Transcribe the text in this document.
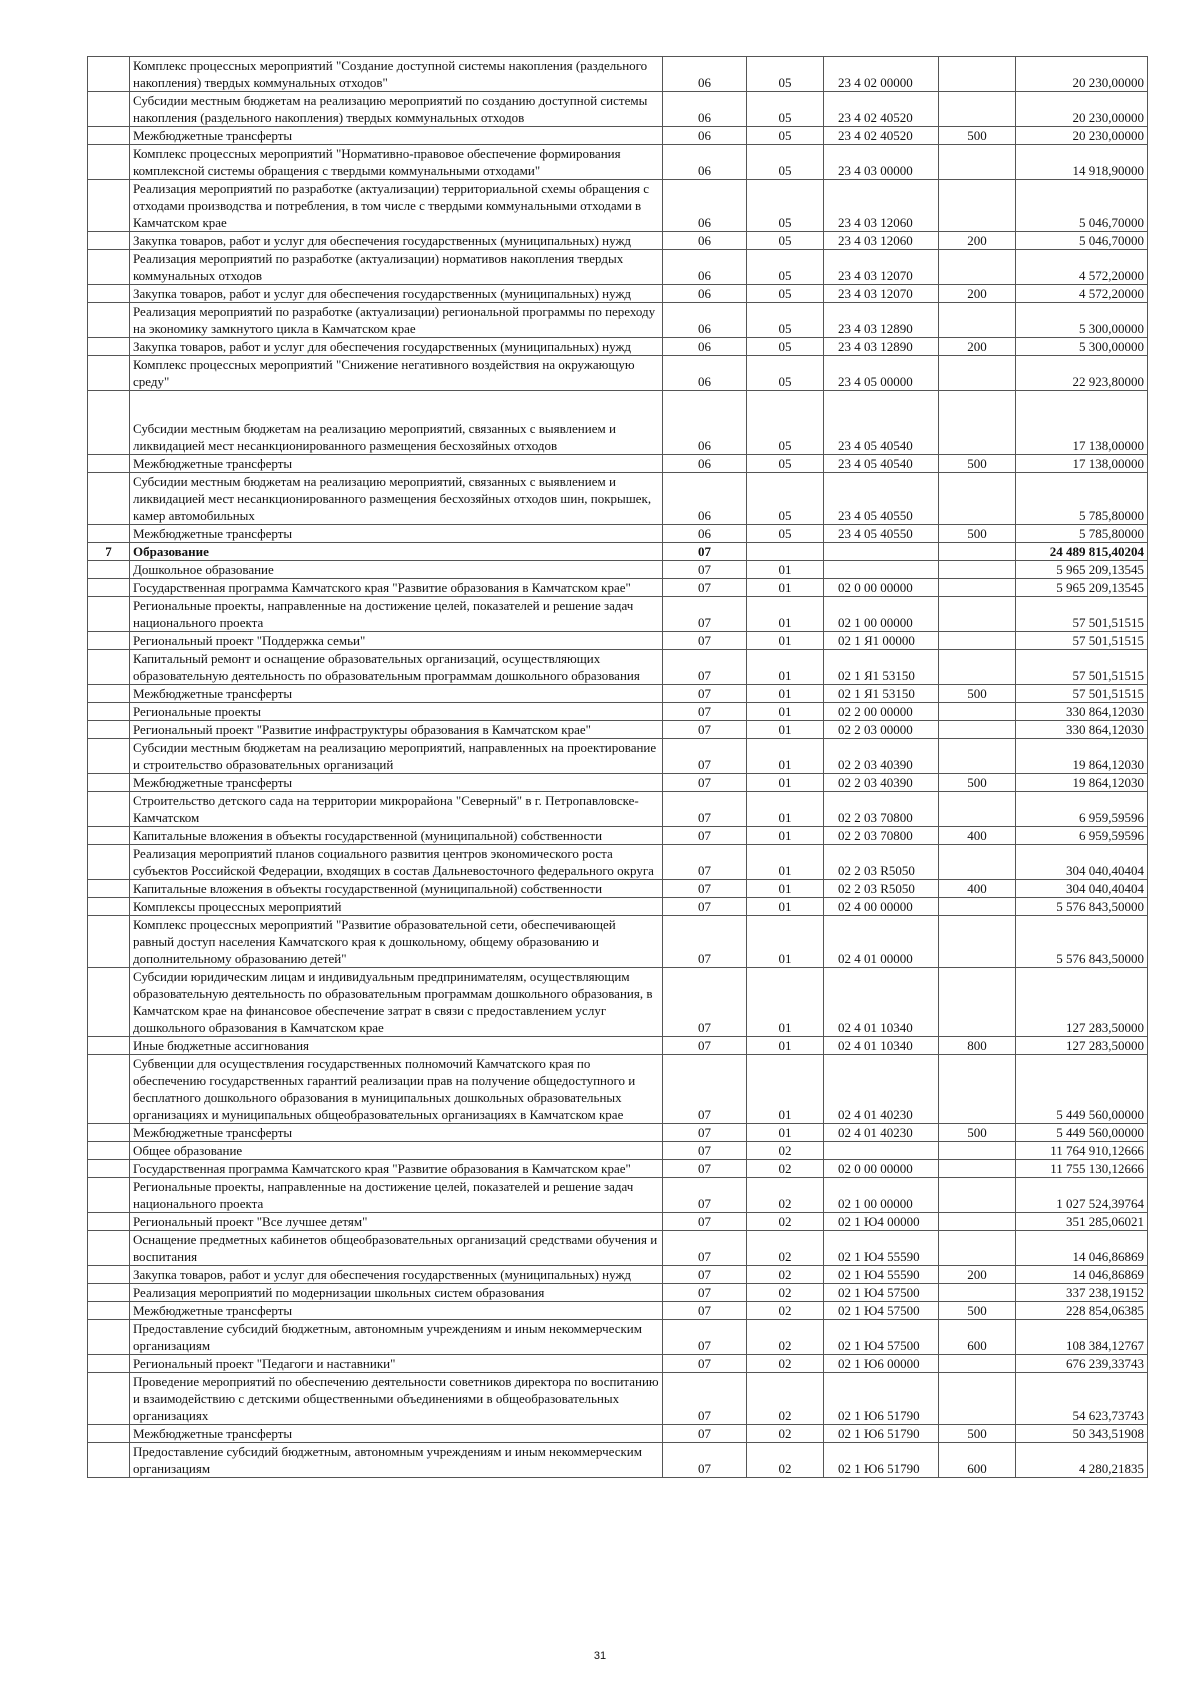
	Комплекс процессных мероприятий "Создание доступной системы накопления (раздельного накопления) твердых коммунальных отходов"	06	05	23 4 02 00000		20 230,00000
	Субсидии местным бюджетам на реализацию мероприятий по созданию доступной системы накопления (раздельного накопления) твердых коммунальных отходов	06	05	23 4 02 40520		20 230,00000
	Межбюджетные трансферты	06	05	23 4 02 40520	500	20 230,00000
	Комплекс процессных мероприятий "Нормативно-правовое обеспечение формирования комплексной системы обращения с твердыми коммунальными отходами"	06	05	23 4 03 00000		14 918,90000
	Реализация мероприятий по разработке (актуализации) территориальной схемы обращения с отходами производства и потребления, в том числе с твердыми коммунальными отходами в Камчатском крае	06	05	23 4 03 12060		5 046,70000
	Закупка товаров, работ и услуг для обеспечения государственных (муниципальных) нужд	06	05	23 4 03 12060	200	5 046,70000
	Реализация мероприятий по разработке (актуализации) нормативов накопления твердых коммунальных отходов	06	05	23 4 03 12070		4 572,20000
	Закупка товаров, работ и услуг для обеспечения государственных (муниципальных) нужд	06	05	23 4 03 12070	200	4 572,20000
	Реализация мероприятий по разработке (актуализации) региональной программы по переходу на экономику замкнутого цикла в Камчатском крае	06	05	23 4 03 12890		5 300,00000
	Закупка товаров, работ и услуг для обеспечения государственных (муниципальных) нужд	06	05	23 4 03 12890	200	5 300,00000
	Комплекс процессных мероприятий "Снижение негативного воздействия на окружающую среду"	06	05	23 4 05 00000		22 923,80000
	Субсидии местным бюджетам на реализацию мероприятий, связанных с выявлением и ликвидацией мест несанкционированного размещения бесхозяйных отходов	06	05	23 4 05 40540		17 138,00000
	Межбюджетные трансферты	06	05	23 4 05 40540	500	17 138,00000
	Субсидии местным бюджетам на реализацию мероприятий, связанных с выявлением и ликвидацией мест несанкционированного размещения бесхозяйных отходов шин, покрышек, камер автомобильных	06	05	23 4 05 40550		5 785,80000
	Межбюджетные трансферты	06	05	23 4 05 40550	500	5 785,80000
7	Образование	07				24 489 815,40204
	Дошкольное образование	07	01			5 965 209,13545
	Государственная программа Камчатского края "Развитие образования в Камчатском крае"	07	01	02 0 00 00000		5 965 209,13545
	Региональные проекты, направленные на достижение целей, показателей и решение задач национального проекта	07	01	02 1 00 00000		57 501,51515
	Региональный проект "Поддержка семьи"	07	01	02 1 Я1 00000		57 501,51515
	Капитальный ремонт и оснащение образовательных организаций, осуществляющих образовательную деятельность по образовательным программам дошкольного образования	07	01	02 1 Я1 53150		57 501,51515
	Межбюджетные трансферты	07	01	02 1 Я1 53150	500	57 501,51515
	Региональные проекты	07	01	02 2 00 00000		330 864,12030
	Региональный проект "Развитие инфраструктуры образования в Камчатском крае"	07	01	02 2 03 00000		330 864,12030
	Субсидии местным бюджетам на реализацию мероприятий, направленных на проектирование и строительство образовательных организаций	07	01	02 2 03 40390		19 864,12030
	Межбюджетные трансферты	07	01	02 2 03 40390	500	19 864,12030
	Строительство детского сада на территории микрорайона "Северный" в г. Петропавловске-Камчатском	07	01	02 2 03 70800		6 959,59596
	Капитальные вложения в объекты государственной (муниципальной) собственности	07	01	02 2 03 70800	400	6 959,59596
	Реализация мероприятий планов социального развития центров экономического роста субъектов Российской Федерации, входящих в состав Дальневосточного федерального округа	07	01	02 2 03 R5050		304 040,40404
	Капитальные вложения в объекты государственной (муниципальной) собственности	07	01	02 2 03 R5050	400	304 040,40404
	Комплексы процессных мероприятий	07	01	02 4 00 00000		5 576 843,50000
	Комплекс процессных мероприятий "Развитие образовательной сети, обеспечивающей равный доступ населения Камчатского края к дошкольному, общему образованию и дополнительному образованию детей"	07	01	02 4 01 00000		5 576 843,50000
	Субсидии юридическим лицам и индивидуальным предпринимателям, осуществляющим образовательную деятельность по образовательным программам дошкольного образования, в Камчатском крае на финансовое обеспечение затрат в связи с предоставлением услуг дошкольного образования в Камчатском крае	07	01	02 4 01 10340		127 283,50000
	Иные бюджетные ассигнования	07	01	02 4 01 10340	800	127 283,50000
	Субвенции для осуществления государственных полномочий Камчатского края по обеспечению государственных гарантий реализации прав на получение общедоступного и бесплатного дошкольного образования в муниципальных дошкольных образовательных организациях и муниципальных общеобразовательных организациях в Камчатском крае	07	01	02 4 01 40230		5 449 560,00000
	Межбюджетные трансферты	07	01	02 4 01 40230	500	5 449 560,00000
	Общее образование	07	02			11 764 910,12666
	Государственная программа Камчатского края "Развитие образования в Камчатском крае"	07	02	02 0 00 00000		11 755 130,12666
	Региональные проекты, направленные на достижение целей, показателей и решение задач национального проекта	07	02	02 1 00 00000		1 027 524,39764
	Региональный проект "Все лучшее детям"	07	02	02 1 Ю4 00000		351 285,06021
	Оснащение предметных кабинетов общеобразовательных организаций средствами обучения и воспитания	07	02	02 1 Ю4 55590		14 046,86869
	Закупка товаров, работ и услуг для обеспечения государственных (муниципальных) нужд	07	02	02 1 Ю4 55590	200	14 046,86869
	Реализация мероприятий по модернизации школьных систем образования	07	02	02 1 Ю4 57500		337 238,19152
	Межбюджетные трансферты	07	02	02 1 Ю4 57500	500	228 854,06385
	Предоставление субсидий бюджетным, автономным учреждениям и иным некоммерческим организациям	07	02	02 1 Ю4 57500	600	108 384,12767
	Региональный проект "Педагоги и наставники"	07	02	02 1 Ю6 00000		676 239,33743
	Проведение мероприятий по обеспечению деятельности советников директора по воспитанию и взаимодействию с детскими общественными объединениями в общеобразовательных организациях	07	02	02 1 Ю6 51790		54 623,73743
	Межбюджетные трансферты	07	02	02 1 Ю6 51790	500	50 343,51908
	Предоставление субсидий бюджетным, автономным учреждениям и иным некоммерческим организациям	07	02	02 1 Ю6 51790	600	4 280,21835
31
